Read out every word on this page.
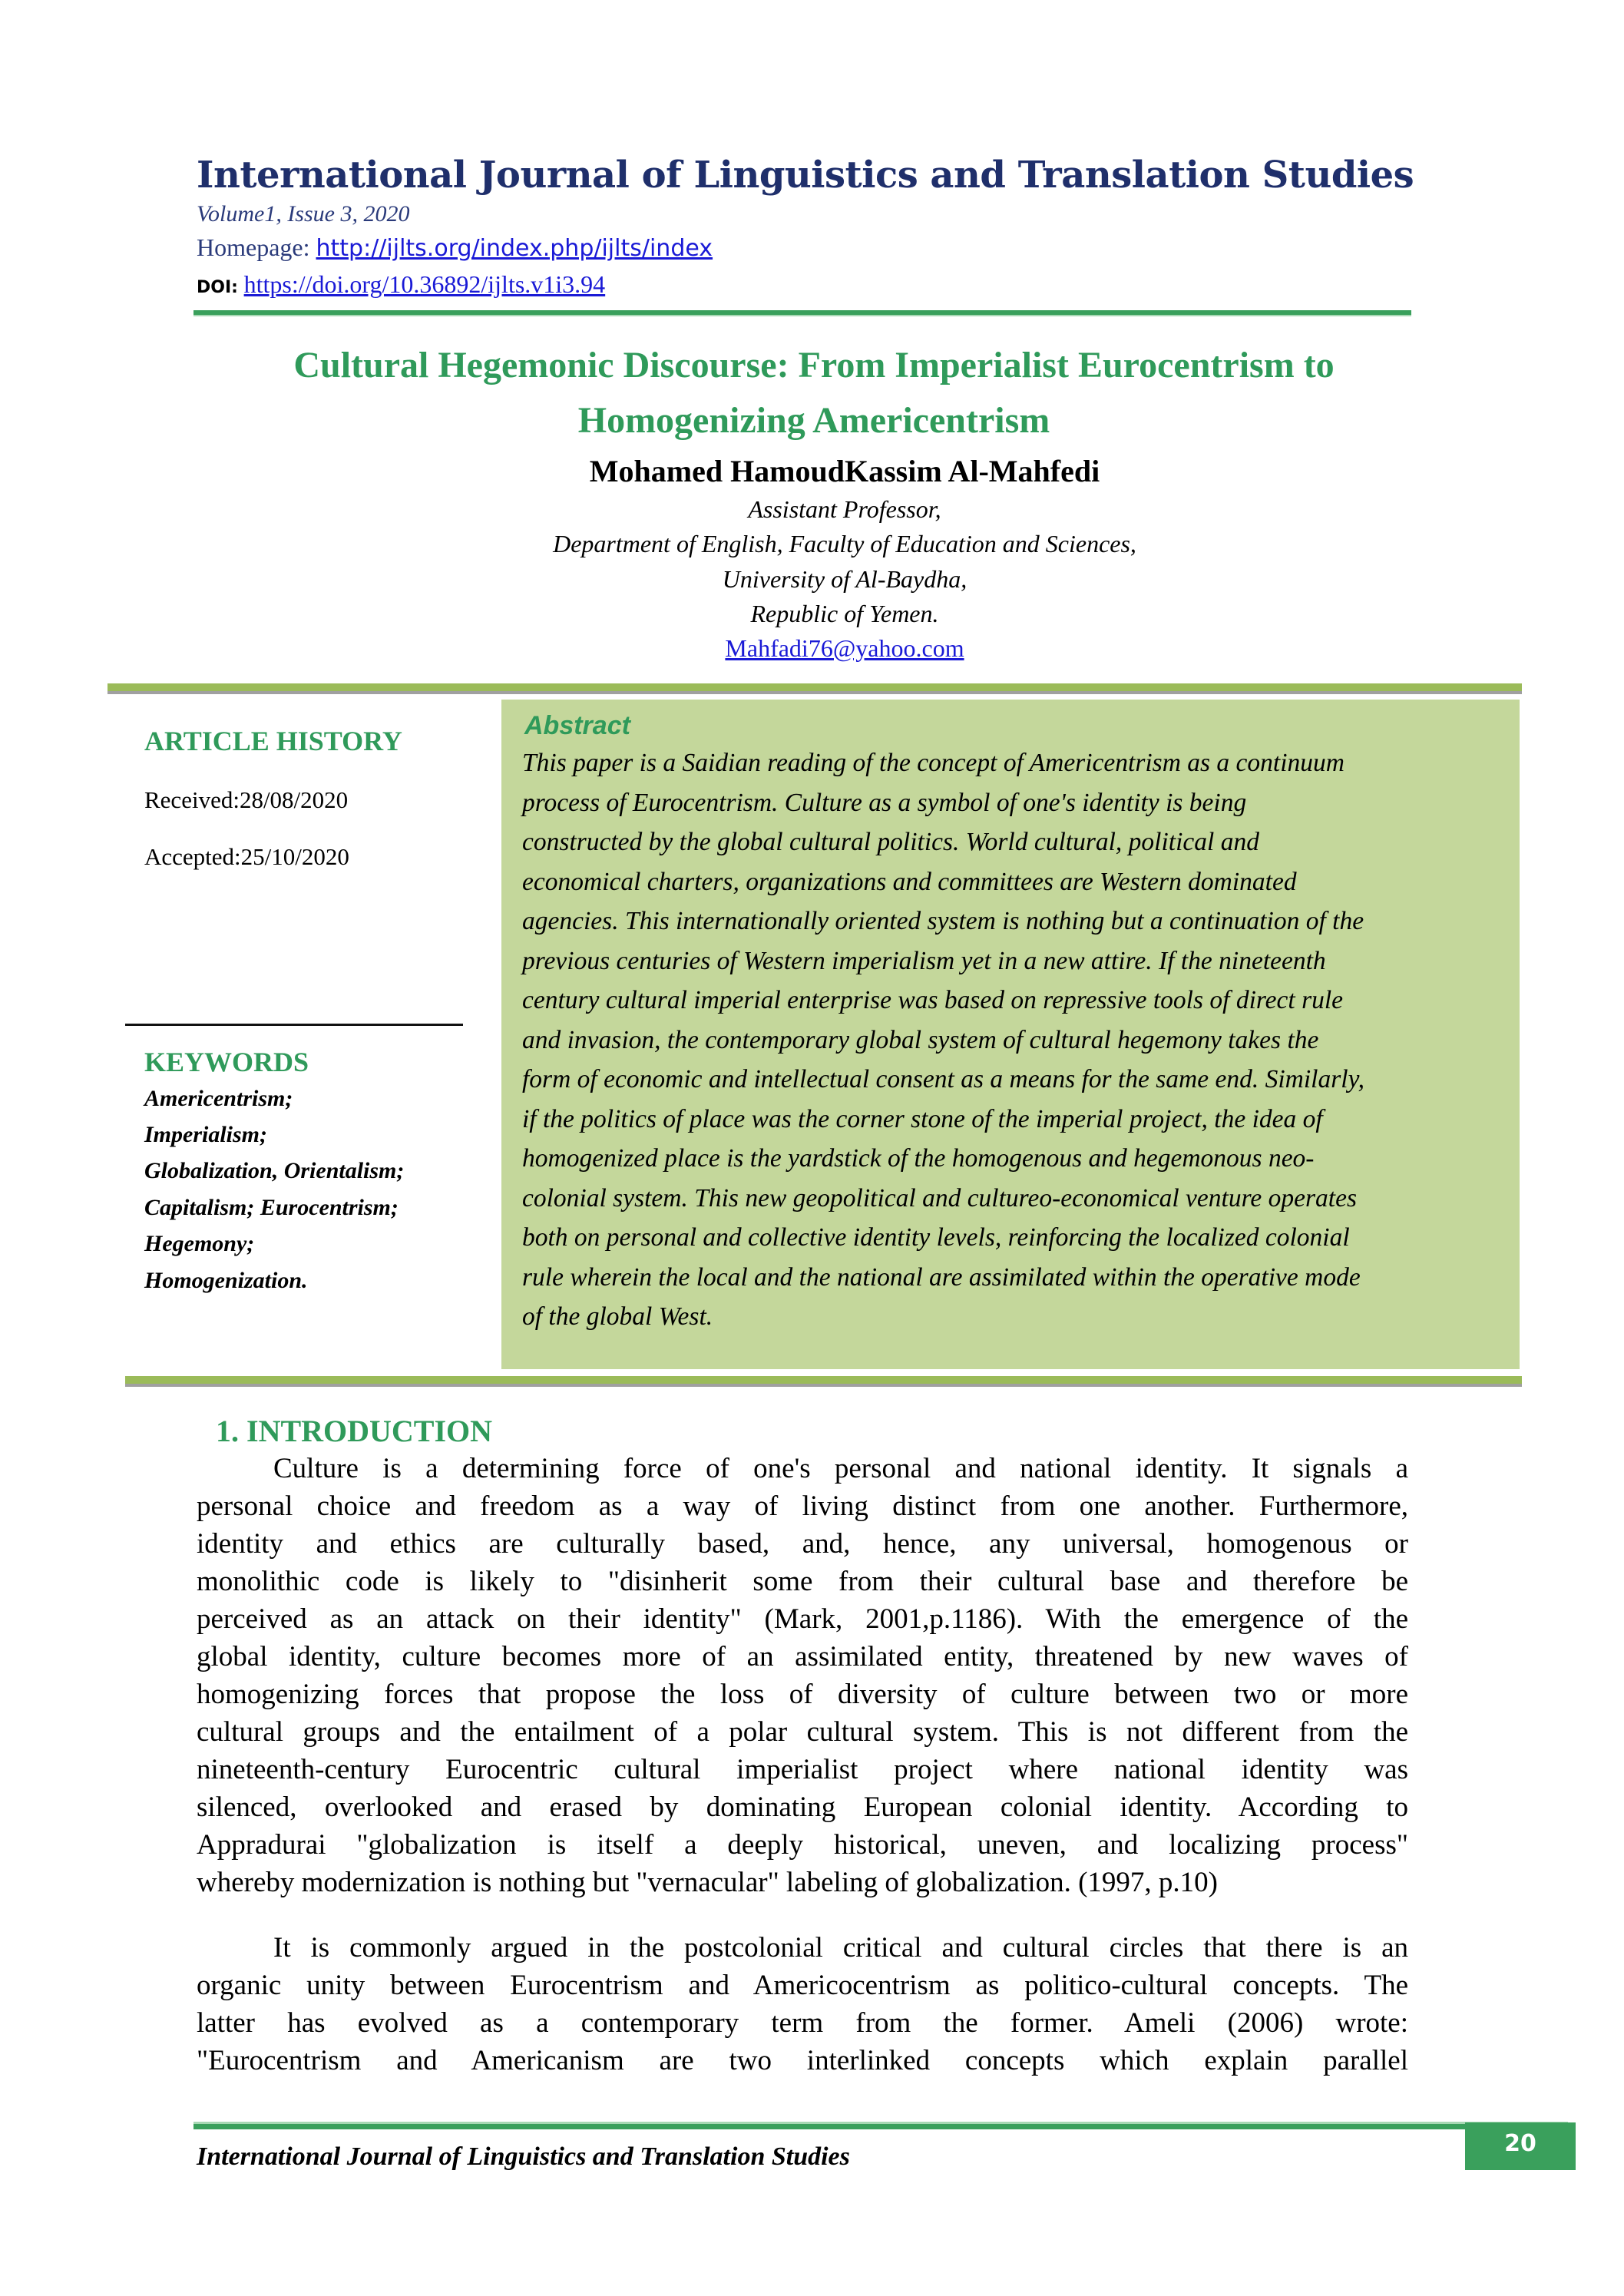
International Journal of Linguistics and Translation Studies
Volume1, Issue 3, 2020
Homepage: http://ijlts.org/index.php/ijlts/index
DOI: https://doi.org/10.36892/ijlts.v1i3.94
Cultural Hegemonic Discourse: From Imperialist Eurocentrism to
Homogenizing Americentrism
Mohamed HamoudKassim Al-Mahfedi
Assistant Professor,
Department of English, Faculty of Education and Sciences,
University of Al-Baydha,
Republic of Yemen.
Mahfadi76@yahoo.com
ARTICLE HISTORY
Received:28/08/2020
Accepted:25/10/2020
KEYWORDS
Americentrism;
Imperialism;
Globalization, Orientalism;
Capitalism; Eurocentrism;
Hegemony;
Homogenization.
Abstract
This paper is a Saidian reading of the concept of Americentrism as a continuum
process of Eurocentrism. Culture as a symbol of one's identity is being
constructed by the global cultural politics. World cultural, political and
economical charters, organizations and committees are Western dominated
agencies. This internationally oriented system is nothing but a continuation of the
previous centuries of Western imperialism yet in a new attire. If the nineteenth
century cultural imperial enterprise was based on repressive tools of direct rule
and invasion, the contemporary global system of cultural hegemony takes the
form of economic and intellectual consent as a means for the same end. Similarly,
if the politics of place was the corner stone of the imperial project, the idea of
homogenized place is the yardstick of the homogenous and hegemonous neo-
colonial system. This new geopolitical and cultureo-economical venture operates
both on personal and collective identity levels, reinforcing the localized colonial
rule wherein the local and the national are assimilated within the operative mode
of the global West.
1. INTRODUCTION
Culture is a determining force of one's personal and national identity. It signals a
personal choice and freedom as a way of living distinct from one another. Furthermore,
identity and ethics are culturally based, and, hence, any universal, homogenous or
monolithic code is likely to "disinherit some from their cultural base and therefore be
perceived as an attack on their identity" (Mark, 2001,p.1186). With the emergence of the
global identity, culture becomes more of an assimilated entity, threatened by new waves of
homogenizing forces that propose the loss of diversity of culture between two or more
cultural groups and the entailment of a polar cultural system. This is not different from the
nineteenth-century Eurocentric cultural imperialist project where national identity was
silenced, overlooked and erased by dominating European colonial identity. According to
Appradurai "globalization is itself a deeply historical, uneven, and localizing process"
whereby modernization is nothing but "vernacular" labeling of globalization. (1997, p.10)
It is commonly argued in the postcolonial critical and cultural circles that there is an
organic unity between Eurocentrism and Americocentrism as politico-cultural concepts. The
latter has evolved as a contemporary term from the former. Ameli (2006) wrote:
"Eurocentrism and Americanism are two interlinked concepts which explain parallel
International Journal of Linguistics and Translation Studies	20
